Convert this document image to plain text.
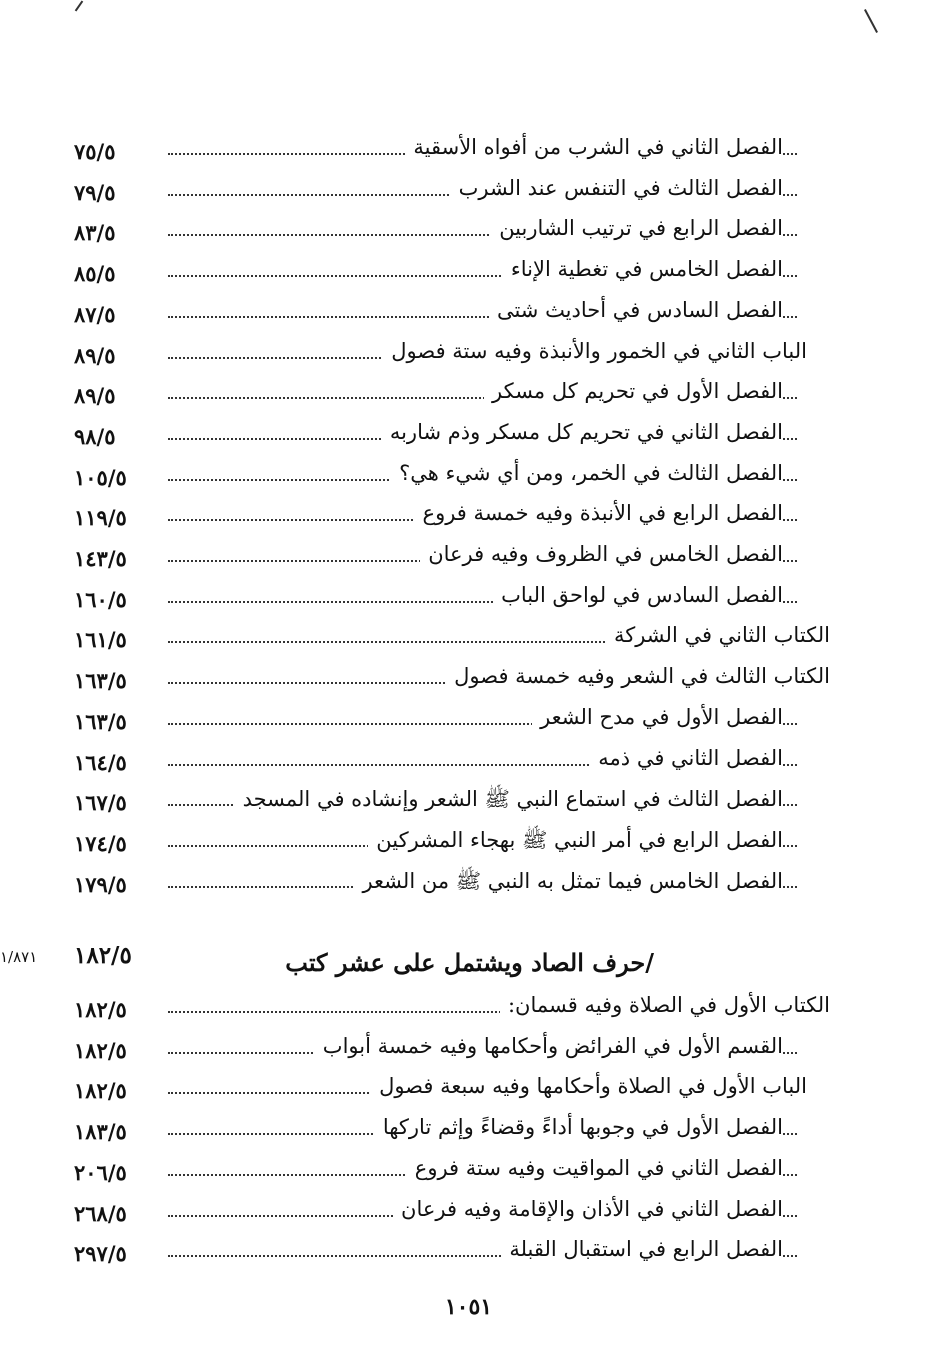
٧٥/٥	الفصل الثاني في الشرب من أفواه الأسقية
٧٩/٥	الفصل الثالث في التنفس عند الشرب
٨٣/٥	الفصل الرابع في ترتيب الشاربين
٨٥/٥	الفصل الخامس في تغطية الإناء
٨٧/٥	الفصل السادس في أحاديث شتى
٨٩/٥	الباب الثاني في الخمور والأنبذة وفيه ستة فصول
٨٩/٥	الفصل الأول في تحريم كل مسكر
٩٨/٥	الفصل الثاني في تحريم كل مسكر وذم شاربه
١٠٥/٥	الفصل الثالث في الخمر، ومن أي شيء هي؟
١١٩/٥	الفصل الرابع في الأنبذة وفيه خمسة فروع
١٤٣/٥	الفصل الخامس في الظروف وفيه فرعان
١٦٠/٥	الفصل السادس في لواحق الباب
١٦١/٥	الكتاب الثاني في الشركة
١٦٣/٥	الكتاب الثالث في الشعر وفيه خمسة فصول
١٦٣/٥	الفصل الأول في مدح الشعر
١٦٤/٥	الفصل الثاني في ذمه
١٦٧/٥	الفصل الثالث في استماع النبي ﷺ الشعر وإنشاده في المسجد
١٧٤/٥	الفصل الرابع في أمر النبي ﷺ بهجاء المشركين
١٧٩/٥	الفصل الخامس فيما تمثل به النبي ﷺ من الشعر
١٨٢/٥	الكتاب الأول في الصلاة وفيه قسمان:
١٨٢/٥	القسم الأول في الفرائض وأحكامها وفيه خمسة أبواب
١٨٢/٥	الباب الأول في الصلاة وأحكامها وفيه سبعة فصول
١٨٣/٥	الفصل الأول في وجوبها أداءً وقضاءً وإثم تاركها
٢٠٦/٥	الفصل الثاني في المواقيت وفيه ستة فروع
٢٦٨/٥	الفصل الثاني في الأذان والإقامة وفيه فرعان
٢٩٧/٥	الفصل الرابع في استقبال القبلة
١/٨٧١ ١٨٢/٥	/حرف الصاد ويشتمل على عشر كتب
١٠٥١
